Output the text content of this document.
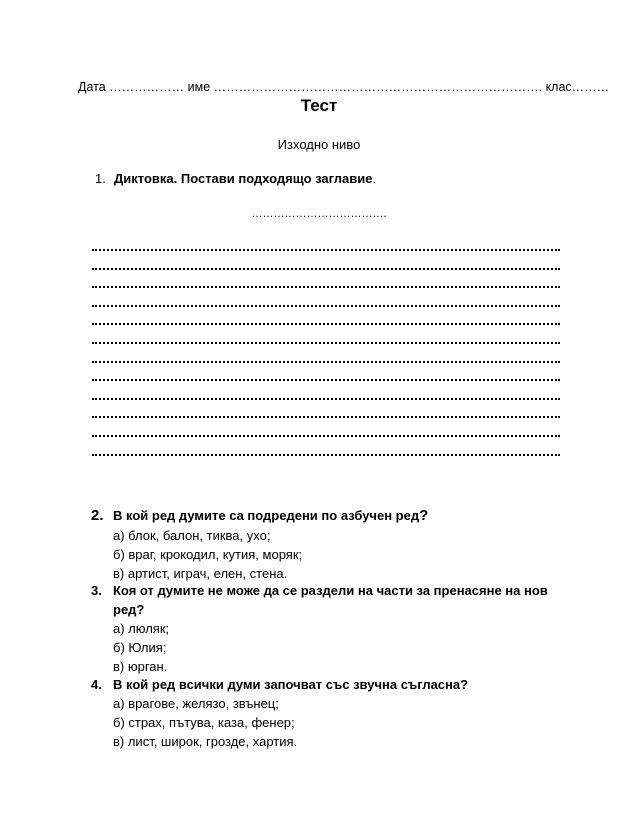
Дата ……………… име ……………………………………………………………………. клас………
Тест
Изходно ниво
1. Диктовка. Постави подходящо заглавие.
……………………………….
2. В кой ред думите са подредени по азбучен ред?
а) блок, балон, тиква, ухо;
б) враг, крокодил, кутия, моряк;
в) артист, играч, елен, стена.
3. Коя от думите не може да се раздели на части за пренасяне на нов
ред?
а) люляк;
б) Юлия;
в) юрган.
4. В кой ред всички думи започват със звучна съгласна?
а) врагове, желязо, звънец;
б) страх, пътува, каза, фенер;
в) лист, широк, грозде, хартия.
